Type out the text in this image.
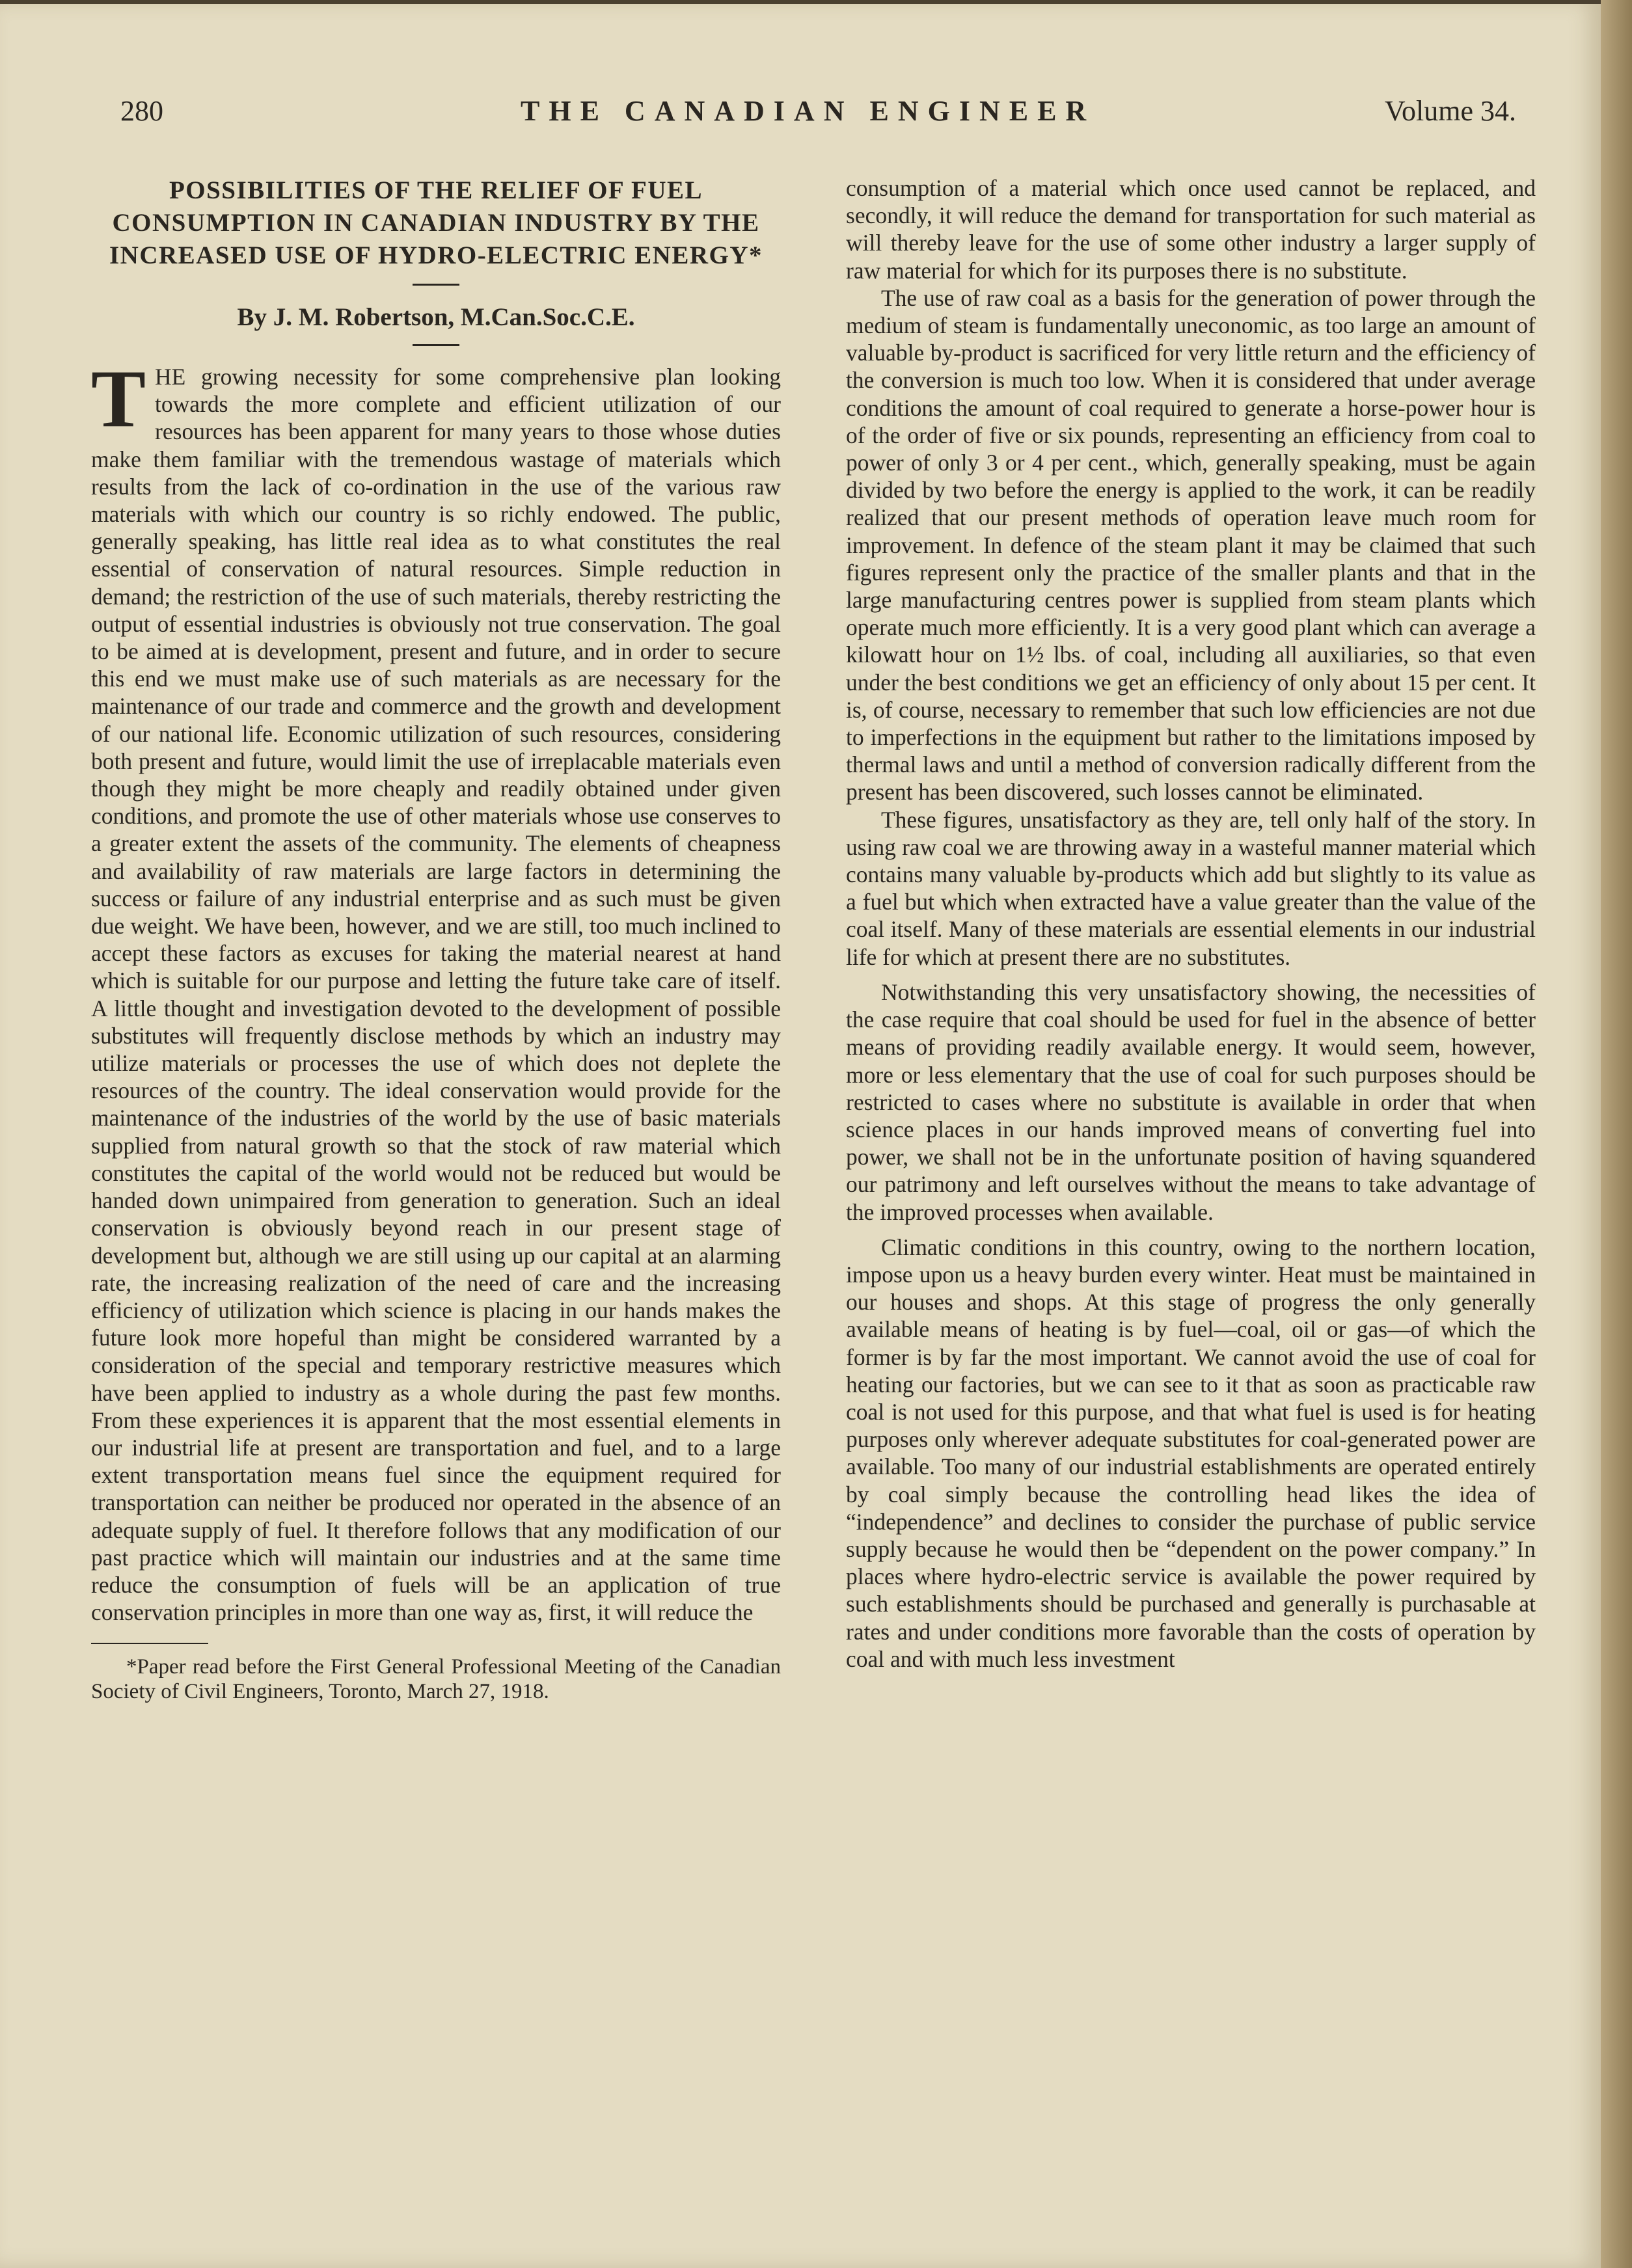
280	THE CANADIAN ENGINEER	Volume 34.
POSSIBILITIES OF THE RELIEF OF FUEL CONSUMPTION IN CANADIAN INDUSTRY BY THE INCREASED USE OF HYDRO-ELECTRIC ENERGY*
By J. M. Robertson, M.Can.Soc.C.E.

THE growing necessity for some comprehensive plan looking towards the more complete and efficient utilization of our resources has been apparent for many years to those whose duties make them familiar with the tremendous wastage of materials which results from the lack of co-ordination in the use of the various raw materials with which our country is so richly endowed. The public, generally speaking, has little real idea as to what constitutes the real essential of conservation of natural resources. Simple reduction in demand; the restriction of the use of such materials, thereby restricting the output of essential industries is obviously not true conservation. The goal to be aimed at is development, present and future, and in order to secure this end we must make use of such materials as are necessary for the maintenance of our trade and commerce and the growth and development of our national life. Economic utilization of such resources, considering both present and future, would limit the use of irreplacable materials even though they might be more cheaply and readily obtained under given conditions, and promote the use of other materials whose use conserves to a greater extent the assets of the community. The elements of cheapness and availability of raw materials are large factors in determining the success or failure of any industrial enterprise and as such must be given due weight. We have been, however, and we are still, too much inclined to accept these factors as excuses for taking the material nearest at hand which is suitable for our purpose and letting the future take care of itself. A little thought and investigation devoted to the development of possible substitutes will frequently disclose methods by which an industry may utilize materials or processes the use of which does not deplete the resources of the country. The ideal conservation would provide for the maintenance of the industries of the world by the use of basic materials supplied from natural growth so that the stock of raw material which constitutes the capital of the world would not be reduced but would be handed down unimpaired from generation to generation. Such an ideal conservation is obviously beyond reach in our present stage of development but, although we are still using up our capital at an alarming rate, the increasing realization of the need of care and the increasing efficiency of utilization which science is placing in our hands makes the future look more hopeful than might be considered warranted by a consideration of the special and temporary restrictive measures which have been applied to industry as a whole during the past few months. From these experiences it is apparent that the most essential elements in our industrial life at present are transportation and fuel, and to a large extent transportation means fuel since the equipment required for transportation can neither be produced nor operated in the absence of an adequate supply of fuel. It therefore follows that any modification of our past practice which will maintain our industries and at the same time reduce the consumption of fuels will be an application of true conservation principles in more than one way as, first, it will reduce the

*Paper read before the First General Professional Meeting of the Canadian Society of Civil Engineers, Toronto, March 27, 1918.

consumption of a material which once used cannot be replaced, and secondly, it will reduce the demand for transportation for such material as will thereby leave for the use of some other industry a larger supply of raw material for which for its purposes there is no substitute.

The use of raw coal as a basis for the generation of power through the medium of steam is fundamentally uneconomic, as too large an amount of valuable by-product is sacrificed for very little return and the efficiency of the conversion is much too low. When it is considered that under average conditions the amount of coal required to generate a horse-power hour is of the order of five or six pounds, representing an efficiency from coal to power of only 3 or 4 per cent., which, generally speaking, must be again divided by two before the energy is applied to the work, it can be readily realized that our present methods of operation leave much room for improvement. In defence of the steam plant it may be claimed that such figures represent only the practice of the smaller plants and that in the large manufacturing centres power is supplied from steam plants which operate much more efficiently. It is a very good plant which can average a kilowatt hour on 1½ lbs. of coal, including all auxiliaries, so that even under the best conditions we get an efficiency of only about 15 per cent. It is, of course, necessary to remember that such low efficiencies are not due to imperfections in the equipment but rather to the limitations imposed by thermal laws and until a method of conversion radically different from the present has been discovered, such losses cannot be eliminated.

These figures, unsatisfactory as they are, tell only half of the story. In using raw coal we are throwing away in a wasteful manner material which contains many valuable by-products which add but slightly to its value as a fuel but which when extracted have a value greater than the value of the coal itself. Many of these materials are essential elements in our industrial life for which at present there are no substitutes.

Notwithstanding this very unsatisfactory showing, the necessities of the case require that coal should be used for fuel in the absence of better means of providing readily available energy. It would seem, however, more or less elementary that the use of coal for such purposes should be restricted to cases where no substitute is available in order that when science places in our hands improved means of converting fuel into power, we shall not be in the unfortunate position of having squandered our patrimony and left ourselves without the means to take advantage of the improved processes when available.

Climatic conditions in this country, owing to the northern location, impose upon us a heavy burden every winter. Heat must be maintained in our houses and shops. At this stage of progress the only generally available means of heating is by fuel—coal, oil or gas—of which the former is by far the most important. We cannot avoid the use of coal for heating our factories, but we can see to it that as soon as practicable raw coal is not used for this purpose, and that what fuel is used is for heating purposes only wherever adequate substitutes for coal-generated power are available. Too many of our industrial establishments are operated entirely by coal simply because the controlling head likes the idea of “independence” and declines to consider the purchase of public service supply because he would then be “dependent on the power company.” In places where hydro-electric service is available the power required by such establishments should be purchased and generally is purchasable at rates and under conditions more favorable than the costs of operation by coal and with much less investment
